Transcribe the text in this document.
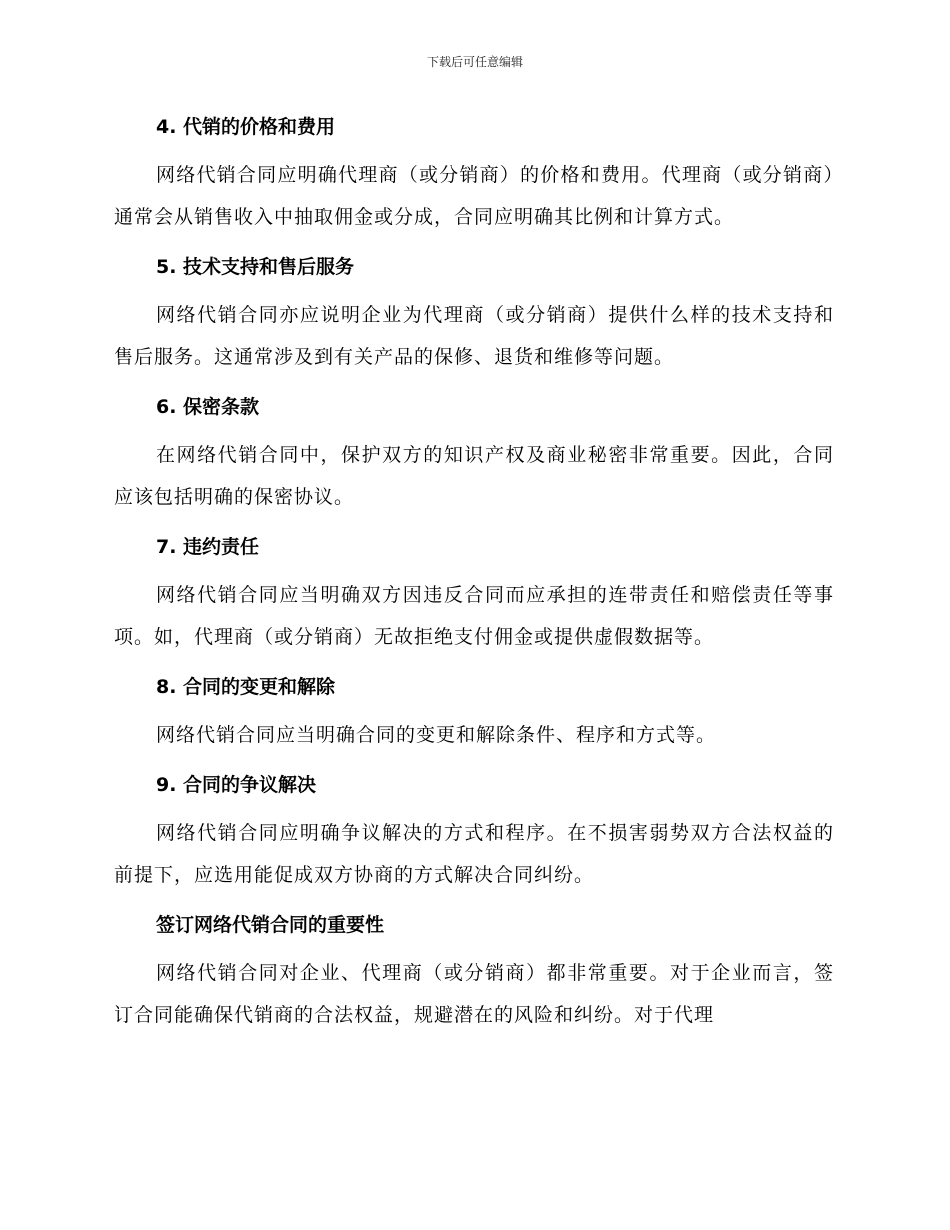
下载后可任意编辑
4. 代销的价格和费用

网络代销合同应明确代理商（或分销商）的价格和费用。代理商（或分销商）通常会从销售收入中抽取佣金或分成，合同应明确其比例和计算方式。

5. 技术支持和售后服务

网络代销合同亦应说明企业为代理商（或分销商）提供什么样的技术支持和售后服务。这通常涉及到有关产品的保修、退货和维修等问题。

6. 保密条款

在网络代销合同中，保护双方的知识产权及商业秘密非常重要。因此，合同应该包括明确的保密协议。

7. 违约责任

网络代销合同应当明确双方因违反合同而应承担的连带责任和赔偿责任等事项。如，代理商（或分销商）无故拒绝支付佣金或提供虚假数据等。

8. 合同的变更和解除

网络代销合同应当明确合同的变更和解除条件、程序和方式等。

9. 合同的争议解决

网络代销合同应明确争议解决的方式和程序。在不损害弱势双方合法权益的前提下，应选用能促成双方协商的方式解决合同纠纷。

签订网络代销合同的重要性

网络代销合同对企业、代理商（或分销商）都非常重要。对于企业而言，签订合同能确保代销商的合法权益，规避潜在的风险和纠纷。对于代理
